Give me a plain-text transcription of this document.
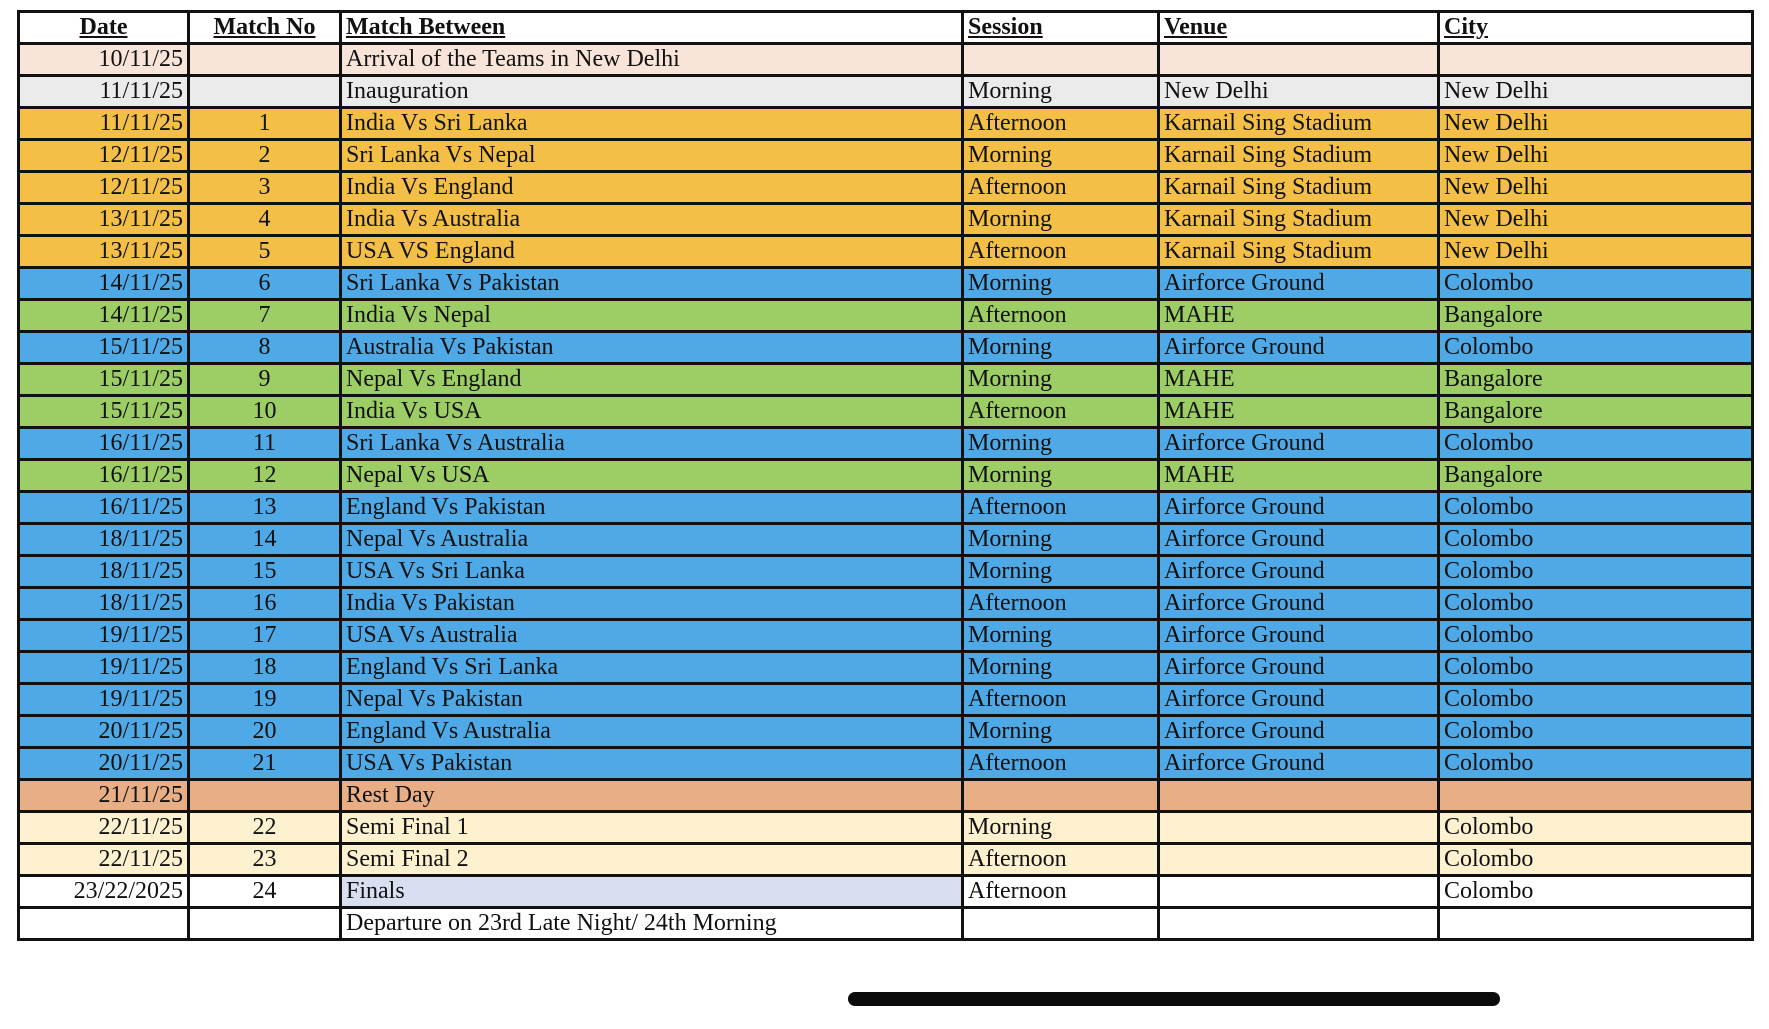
Date	Match No	Match Between	Session	Venue	City
10/11/25		Arrival of the Teams in New Delhi			
11/11/25		Inauguration	Morning	New Delhi	New Delhi
11/11/25	1	India Vs Sri Lanka	Afternoon	Karnail Sing Stadium	New Delhi
12/11/25	2	Sri Lanka Vs Nepal	Morning	Karnail Sing Stadium	New Delhi
12/11/25	3	India Vs England	Afternoon	Karnail Sing Stadium	New Delhi
13/11/25	4	India Vs Australia	Morning	Karnail Sing Stadium	New Delhi
13/11/25	5	USA VS England	Afternoon	Karnail Sing Stadium	New Delhi
14/11/25	6	Sri Lanka Vs Pakistan	Morning	Airforce Ground	Colombo
14/11/25	7	India Vs Nepal	Afternoon	MAHE	Bangalore
15/11/25	8	Australia Vs Pakistan	Morning	Airforce Ground	Colombo
15/11/25	9	Nepal Vs England	Morning	MAHE	Bangalore
15/11/25	10	India Vs USA	Afternoon	MAHE	Bangalore
16/11/25	11	Sri Lanka Vs Australia	Morning	Airforce Ground	Colombo
16/11/25	12	Nepal Vs USA	Morning	MAHE	Bangalore
16/11/25	13	England Vs Pakistan	Afternoon	Airforce Ground	Colombo
18/11/25	14	Nepal Vs Australia	Morning	Airforce Ground	Colombo
18/11/25	15	USA Vs Sri Lanka	Morning	Airforce Ground	Colombo
18/11/25	16	India Vs Pakistan	Afternoon	Airforce Ground	Colombo
19/11/25	17	USA Vs Australia	Morning	Airforce Ground	Colombo
19/11/25	18	England Vs Sri Lanka	Morning	Airforce Ground	Colombo
19/11/25	19	Nepal Vs Pakistan	Afternoon	Airforce Ground	Colombo
20/11/25	20	England Vs Australia	Morning	Airforce Ground	Colombo
20/11/25	21	USA Vs Pakistan	Afternoon	Airforce Ground	Colombo
21/11/25		Rest Day			
22/11/25	22	Semi Final 1	Morning		Colombo
22/11/25	23	Semi Final 2	Afternoon		Colombo
23/22/2025	24	Finals	Afternoon		Colombo
		Departure on 23rd Late Night/ 24th Morning			
